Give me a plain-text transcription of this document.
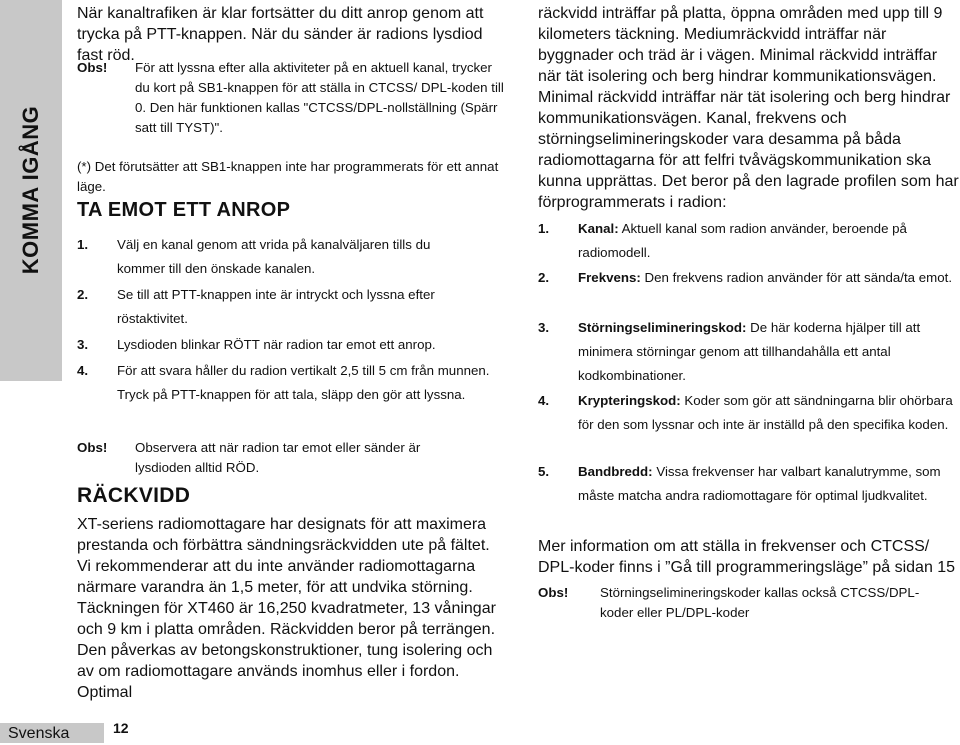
KOMMA IGÅNG
När kanaltrafiken är klar fortsätter du ditt anrop genom att trycka på PTT-knappen. När du sänder är radions lysdiod fast röd.
Obs! För att lyssna efter alla aktiviteter på en aktuell kanal, trycker du kort på SB1-knappen för att ställa in CTCSS/ DPL-koden till 0. Den här funktionen kallas "CTCSS/DPL-nollställning (Spärr satt till TYST)".
(*) Det förutsätter att SB1-knappen inte har programmerats för ett annat läge.
TA EMOT ETT ANROP
1. Välj en kanal genom att vrida på kanalväljaren tills du kommer till den önskade kanalen.
2. Se till att PTT-knappen inte är intryckt och lyssna efter röstaktivitet.
3. Lysdioden blinkar RÖTT när radion tar emot ett anrop.
4. För att svara håller du radion vertikalt 2,5 till 5 cm från munnen. Tryck på PTT-knappen för att tala, släpp den gör att lyssna.
Obs! Observera att när radion tar emot eller sänder är lysdioden alltid RÖD.
RÄCKVIDD
XT-seriens radiomottagare har designats för att maximera prestanda och förbättra sändningsräckvidden ute på fältet. Vi rekommenderar att du inte använder radiomottagarna närmare varandra än 1,5 meter, för att undvika störning. Täckningen för XT460 är 16,250 kvadratmeter, 13 våningar och 9 km i platta områden. Räckvidden beror på terrängen. Den påverkas av betongskonstruktioner, tung isolering och av om radiomottagare används inomhus eller i fordon. Optimal
räckvidd inträffar på platta, öppna områden med upp till 9 kilometers täckning. Mediumräckvidd inträffar när byggnader och träd är i vägen. Minimal räckvidd inträffar när tät isolering och berg hindrar kommunikationsvägen. Minimal räckvidd inträffar när tät isolering och berg hindrar kommunikationsvägen. Kanal, frekvens och störningselimineringskoder vara desamma på båda radiomottagarna för att felfri tvåvägskommunikation ska kunna upprättas. Det beror på den lagrade profilen som har förprogrammerats i radion:
1. Kanal: Aktuell kanal som radion använder, beroende på radiomodell.
2. Frekvens: Den frekvens radion använder för att sända/ta emot.
3. Störningselimineringskod: De här koderna hjälper till att minimera störningar genom att tillhandahålla ett antal kodkombinationer.
4. Krypteringskod: Koder som gör att sändningarna blir ohörbara för den som lyssnar och inte är inställd på den specifika koden.
5. Bandbredd: Vissa frekvenser har valbart kanalutrymme, som måste matcha andra radiomottagare för optimal ljudkvalitet.
Mer information om att ställa in frekvenser och CTCSS/ DPL-koder finns i ”Gå till programmeringsläge” på sidan 15
Obs! Störningselimineringskoder kallas också CTCSS/DPL-koder eller PL/DPL-koder
Svenska	12
